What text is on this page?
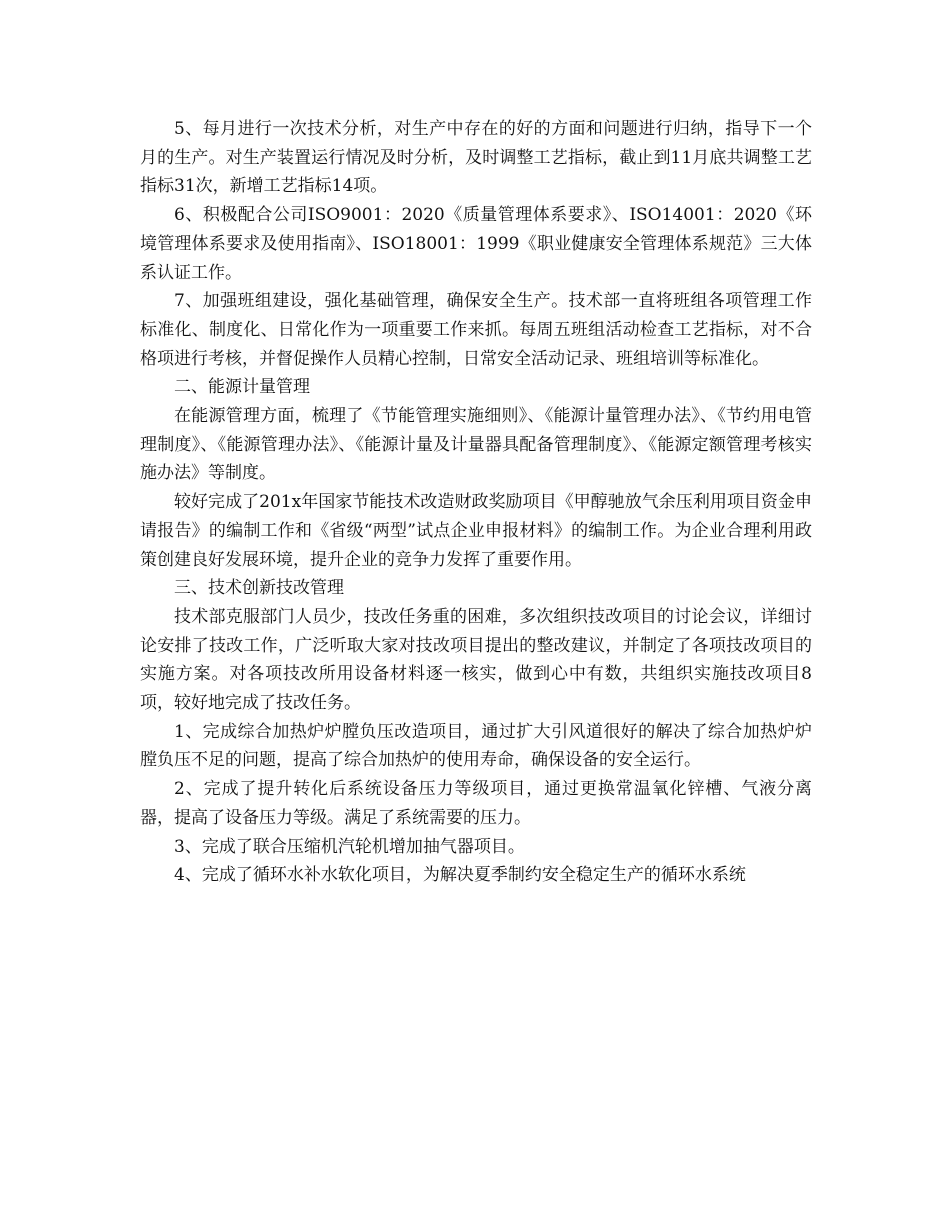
5、每月进行一次技术分析，对生产中存在的好的方面和问题进行归纳，指导下一个月的生产。对生产装置运行情况及时分析，及时调整工艺指标，截止到11月底共调整工艺指标31次，新增工艺指标14项。

6、积极配合公司ISO9001：2020《质量管理体系要求》、ISO14001：2020《环境管理体系要求及使用指南》、ISO18001：1999《职业健康安全管理体系规范》三大体系认证工作。

7、加强班组建设，强化基础管理，确保安全生产。技术部一直将班组各项管理工作标准化、制度化、日常化作为一项重要工作来抓。每周五班组活动检查工艺指标，对不合格项进行考核，并督促操作人员精心控制，日常安全活动记录、班组培训等标准化。

二、能源计量管理

在能源管理方面，梳理了《节能管理实施细则》、《能源计量管理办法》、《节约用电管理制度》、《能源管理办法》、《能源计量及计量器具配备管理制度》、《能源定额管理考核实施办法》等制度。

较好完成了201x年国家节能技术改造财政奖励项目《甲醇驰放气余压利用项目资金申请报告》的编制工作和《省级“两型”试点企业申报材料》的编制工作。为企业合理利用政策创建良好发展环境，提升企业的竞争力发挥了重要作用。

三、技术创新技改管理

技术部克服部门人员少，技改任务重的困难，多次组织技改项目的讨论会议，详细讨论安排了技改工作，广泛听取大家对技改项目提出的整改建议，并制定了各项技改项目的实施方案。对各项技改所用设备材料逐一核实，做到心中有数，共组织实施技改项目8项，较好地完成了技改任务。

1、完成综合加热炉炉膛负压改造项目，通过扩大引风道很好的解决了综合加热炉炉膛负压不足的问题，提高了综合加热炉的使用寿命，确保设备的安全运行。

2、完成了提升转化后系统设备压力等级项目，通过更换常温氧化锌槽、气液分离器，提高了设备压力等级。满足了系统需要的压力。

3、完成了联合压缩机汽轮机增加抽气器项目。

4、完成了循环水补水软化项目，为解决夏季制约安全稳定生产的循环水系统
